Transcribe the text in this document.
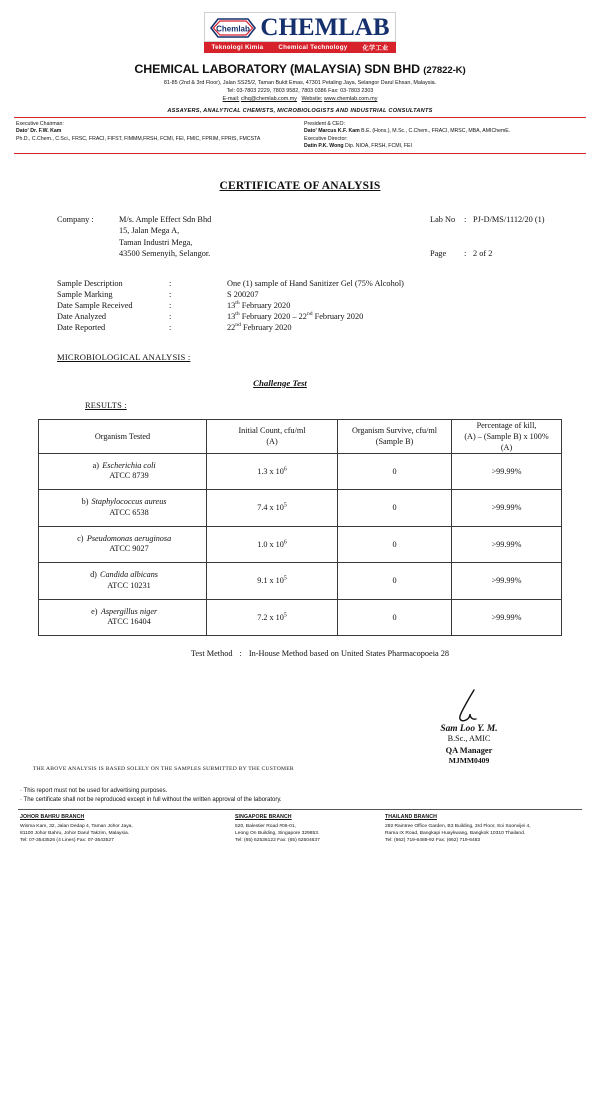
Chemlab CHEMLAB
Teknologi Kimia Chemical Technology 化学工业
CHEMICAL LABORATORY (MALAYSIA) SDN BHD (27822-K)
81-85 (2nd & 3rd Floor), Jalan SS25/2, Taman Bukit Emas, 47301 Petaling Jaya, Selangor Darul Ehsan, Malaysia.
Tel: 03-7803 2229, 7803 9582, 7803 0386 Fax: 03-7803 2303
E-mail: clhq@chemlab.com.my Website: www.chemlab.com.my
ASSAYERS, ANALYTICAL CHEMISTS, MICROBIOLOGISTS AND INDUSTRIAL CONSULTANTS
Executive Chairman:
Dato' Dr. F.W. Kam
Ph.D., C.Chem., C.Sci., FRSC, FRACI, FIFST, FIMMM,FRSH, FCMI, FEI, FMIC, FPRIM, FPRIS, FMCSTA
President & CEO:
Dato' Marcus K.F. Kam B.E. (Hons.), M.Sc., C.Chem., FRACI, MRSC, MBA, AMIChemE.
Executive Director:
Datin P.K. Wong Dip. NIOA, FRSH, FCMI, FEI
CERTIFICATE OF ANALYSIS
Company :	M/s. Ample Effect Sdn Bhd
15, Jalan Mega A,
Taman Industri Mega,
43500 Semenyih, Selangor.
Lab No	: PJ-D/MS/1112/20 (1)
Page	: 2 of 2
Sample Description	:	One (1) sample of Hand Sanitizer Gel (75% Alcohol)
Sample Marking	:	S 200207
Date Sample Received	:	13th February 2020
Date Analyzed	:	13th February 2020 – 22nd February 2020
Date Reported	:	22nd February 2020
MICROBIOLOGICAL ANALYSIS :
Challenge Test
RESULTS :
Organism Tested	
Initial Count, cfu/ml
(A)

Organism Survive, cfu/ml
(Sample B)

Percentage of kill,
(A) – (Sample B) x 100%
(A)

a) Escherichia coli
ATCC 8739	1.3 x $10^6$	0	>99.99%
b) Staphylococcus aureus
ATCC 6538	7.4 x $10^5$	0	>99.99%
c) Pseudomonas aeruginosa
ATCC 9027	1.0 x $10^6$	0	>99.99%
d) Candida albicans
ATCC 10231	9.1 x $10^5$	0	>99.99%
e) Aspergillus niger
ATCC 16404	7.2 x $10^5$	0	>99.99%
Test Method : In-House Method based on United States Pharmacopoeia 28
Sam Loo Y. M.
B.Sc., AMIC
QA Manager
MJMM0409
THE ABOVE ANALYSIS IS BASED SOLELY ON THE SAMPLES SUBMITTED BY THE CUSTOMER
· This report must not be used for advertising purposes.
· The certificate shall not be reproduced except in full without the written approval of the laboratory.
JOHOR BAHRU BRANCH
Wisma Kam, 32, Jalan Dedap 4, Taman Johor Jaya,
81100 Johor Bahru, Johor Darul Takzim, Malaysia.
Tel: 07-3543526 (4 Lines) Fax: 07-3543527
SINGAPORE BRANCH
520, Balestier Road #06-01,
Leong On Building, Singapore 329853.
Tel: (65) 62536122 Fax: (65) 62504637
THAILAND BRANCH
282 Raintree Office Garden, B3 Building, 3rd Floor, Soi Soonvijei 4,
Rama IX Road, Bangkapi Huaykwang, Bangkok 10310 Thailand.
Tel: (662) 719-6488-92 Fax: (662) 719-6483
